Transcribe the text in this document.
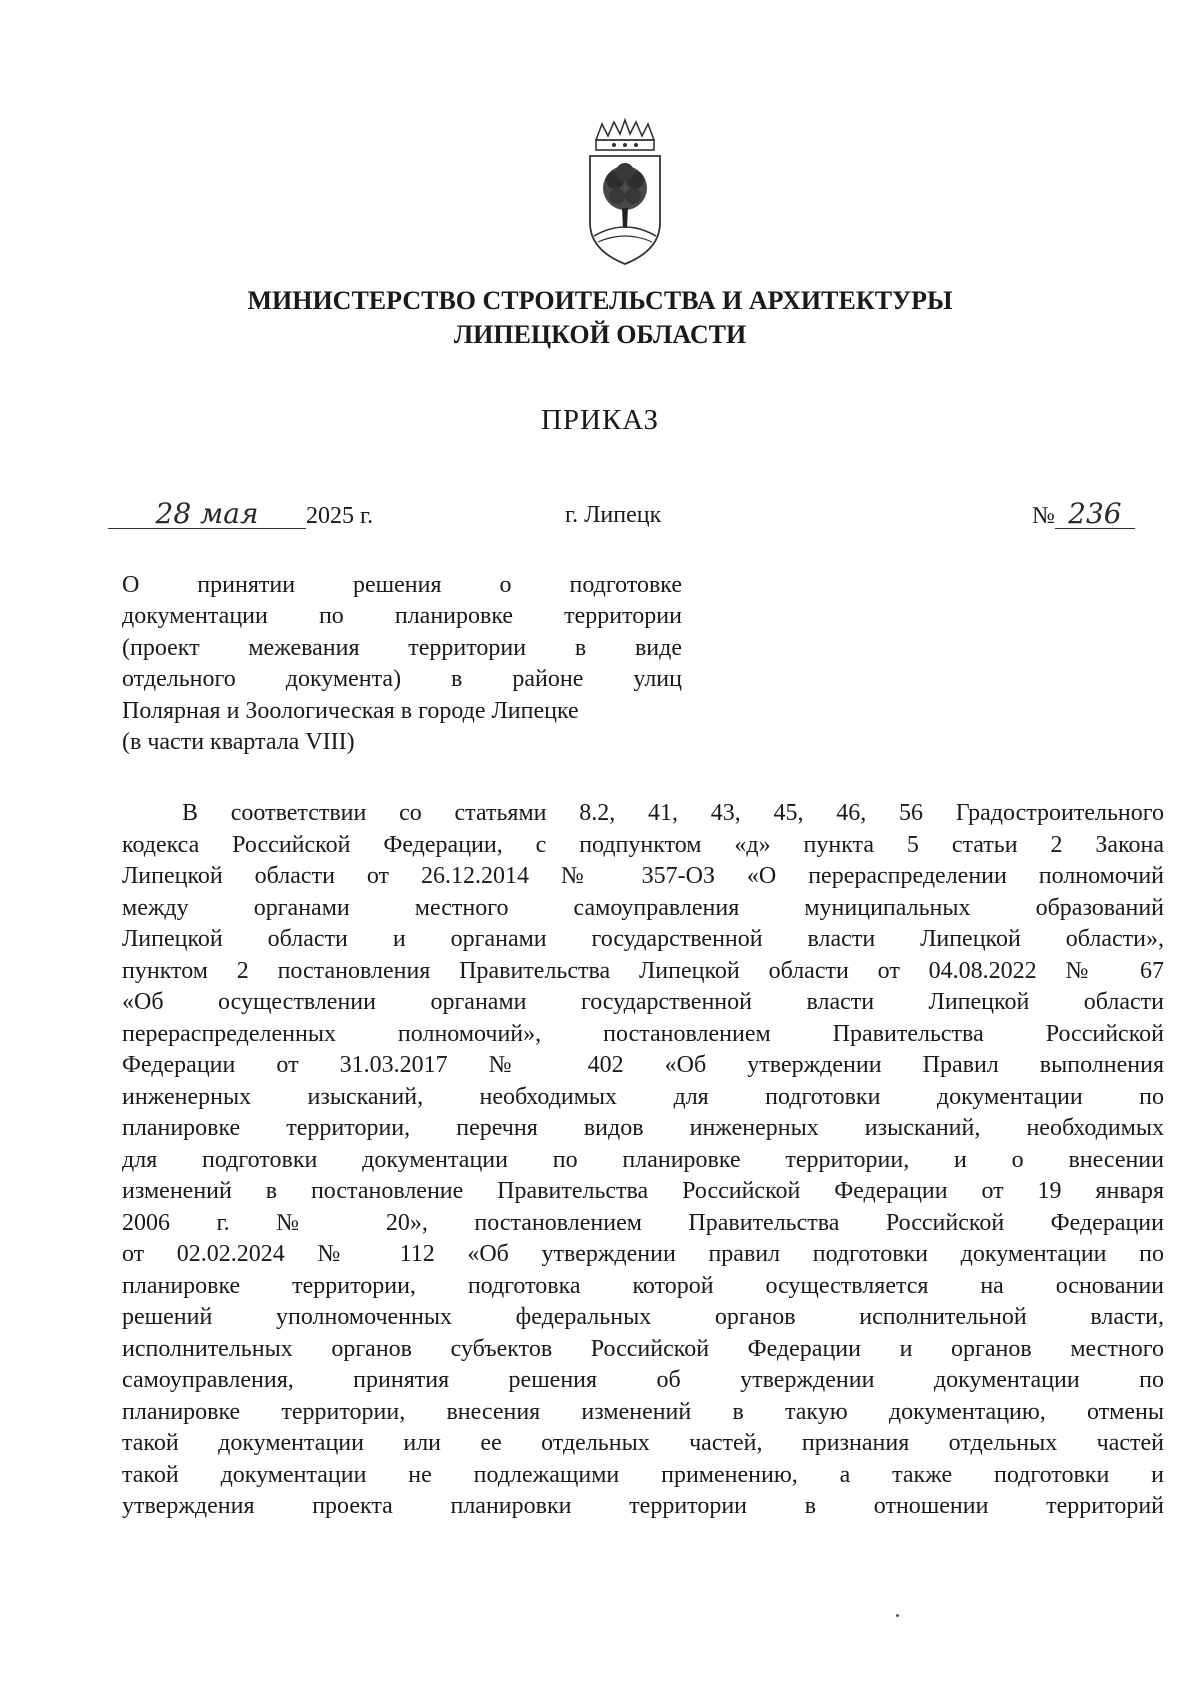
МИНИСТЕРСТВО СТРОИТЕЛЬСТВА И АРХИТЕКТУРЫ
ЛИПЕЦКОЙ ОБЛАСТИ
ПРИКАЗ
28 мая 2025 г.	г. Липецк	№ 236
О принятии решения о подготовке
документации по планировке территории
(проект межевания территории в виде
отдельного документа) в районе улиц
Полярная и Зоологическая в городе Липецке
(в части квартала VIII)
В соответствии со статьями 8.2, 41, 43, 45, 46, 56 Градостроительного
кодекса Российской Федерации, с подпунктом «д» пункта 5 статьи 2 Закона
Липецкой области от 26.12.2014 № 357-ОЗ «О перераспределении полномочий
между органами местного самоуправления муниципальных образований
Липецкой области и органами государственной власти Липецкой области»,
пунктом 2 постановления Правительства Липецкой области от 04.08.2022 № 67
«Об осуществлении органами государственной власти Липецкой области
перераспределенных полномочий», постановлением Правительства Российской
Федерации от 31.03.2017 № 402 «Об утверждении Правил выполнения
инженерных изысканий, необходимых для подготовки документации по
планировке территории, перечня видов инженерных изысканий, необходимых
для подготовки документации по планировке территории, и о внесении
изменений в постановление Правительства Российской Федерации от 19 января
2006 г. № 20», постановлением Правительства Российской Федерации
от 02.02.2024 № 112 «Об утверждении правил подготовки документации по
планировке территории, подготовка которой осуществляется на основании
решений уполномоченных федеральных органов исполнительной власти,
исполнительных органов субъектов Российской Федерации и органов местного
самоуправления, принятия решения об утверждении документации по
планировке территории, внесения изменений в такую документацию, отмены
такой документации или ее отдельных частей, признания отдельных частей
такой документации не подлежащими применению, а также подготовки и
утверждения проекта планировки территории в отношении территорий
